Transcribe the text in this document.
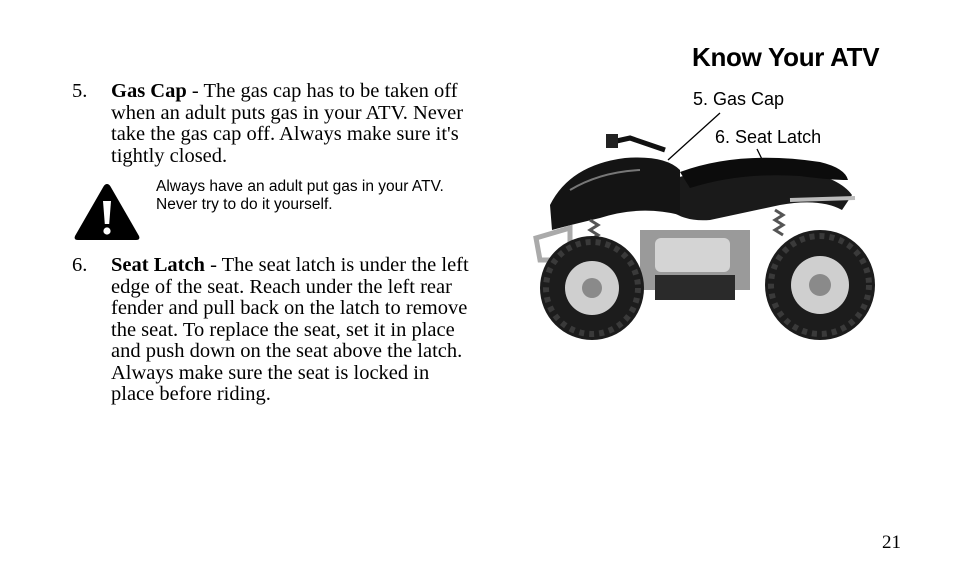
Know Your ATV
5. Gas Cap - The gas cap has to be taken off when an adult puts gas in your ATV. Never take the gas cap off. Always make sure it's tightly closed.
Always have an adult put gas in your ATV. Never try to do it yourself.
6. Seat Latch - The seat latch is under the left edge of the seat. Reach under the left rear fender and pull back on the latch to remove the seat. To replace the seat, set it in place and push down on the seat above the latch. Always make sure the seat is locked in place before riding.
5. Gas Cap
6. Seat Latch
21
